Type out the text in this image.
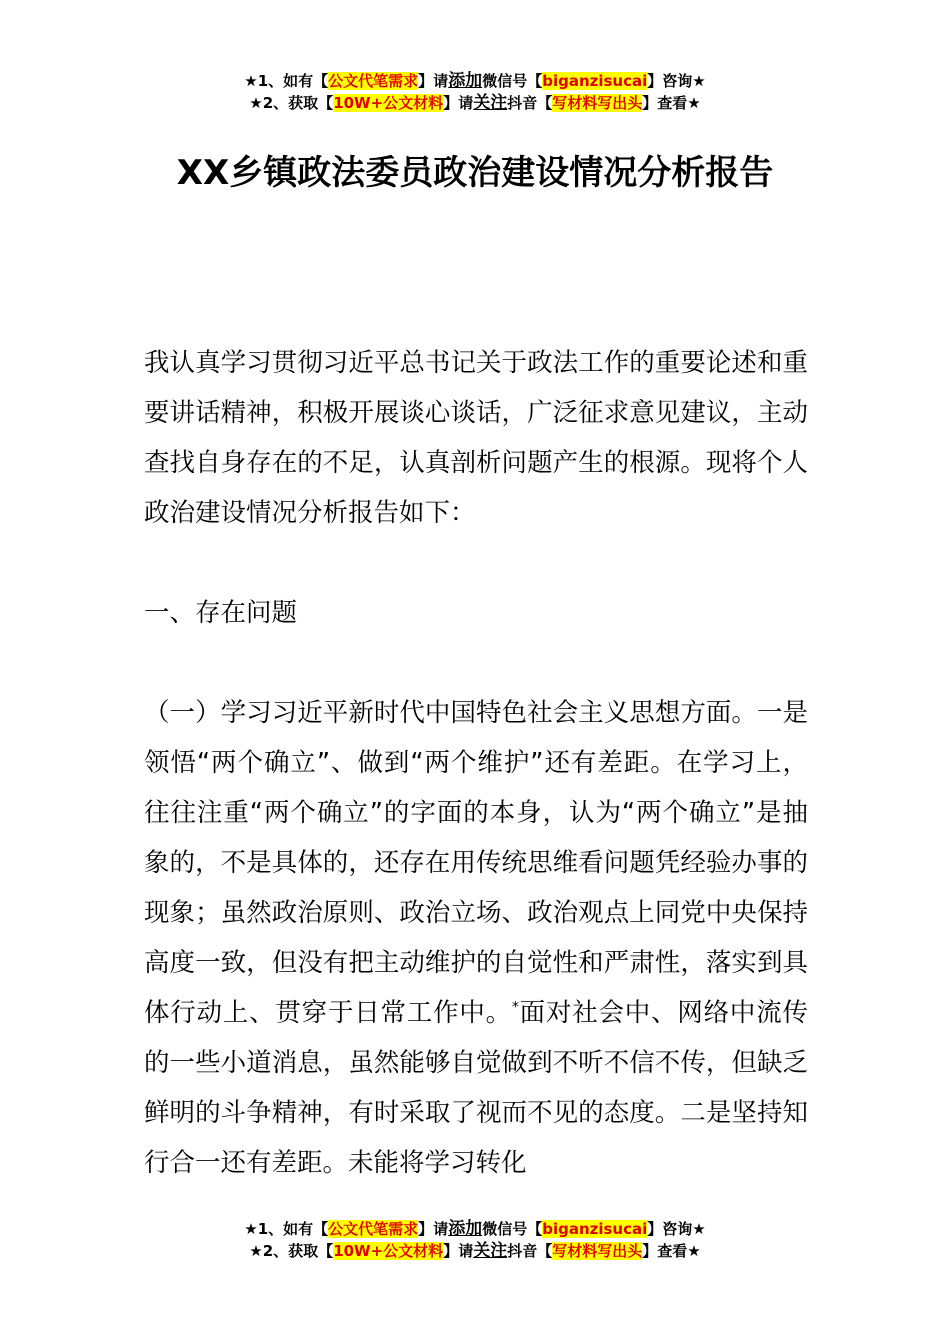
★1、如有【公文代笔需求】请添加微信号【biganzisucai】咨询★
★2、获取【10W+公文材料】请关注抖音【写材料写出头】查看★
XX乡镇政法委员政治建设情况分析报告

我认真学习贯彻习近平总书记关于政法工作的重要论述和重要讲话精神，积极开展谈心谈话，广泛征求意见建议，主动查找自身存在的不足，认真剖析问题产生的根源。现将个人政治建设情况分析报告如下：

一、存在问题

（一）学习习近平新时代中国特色社会主义思想方面。一是领悟“两个确立”、做到“两个维护”还有差距。在学习上，往往注重“两个确立”的字面的本身，认为“两个确立”是抽象的，不是具体的，还存在用传统思维看问题凭经验办事的现象；虽然政治原则、政治立场、政治观点上同党中央保持高度一致，但没有把主动维护的自觉性和严肃性，落实到具体行动上、贯穿于日常工作中。*面对社会中、网络中流传的一些小道消息，虽然能够自觉做到不听不信不传，但缺乏鲜明的斗争精神，有时采取了视而不见的态度。二是坚持知行合一还有差距。未能将学习转化

★1、如有【公文代笔需求】请添加微信号【biganzisucai】咨询★
★2、获取【10W+公文材料】请关注抖音【写材料写出头】查看★
